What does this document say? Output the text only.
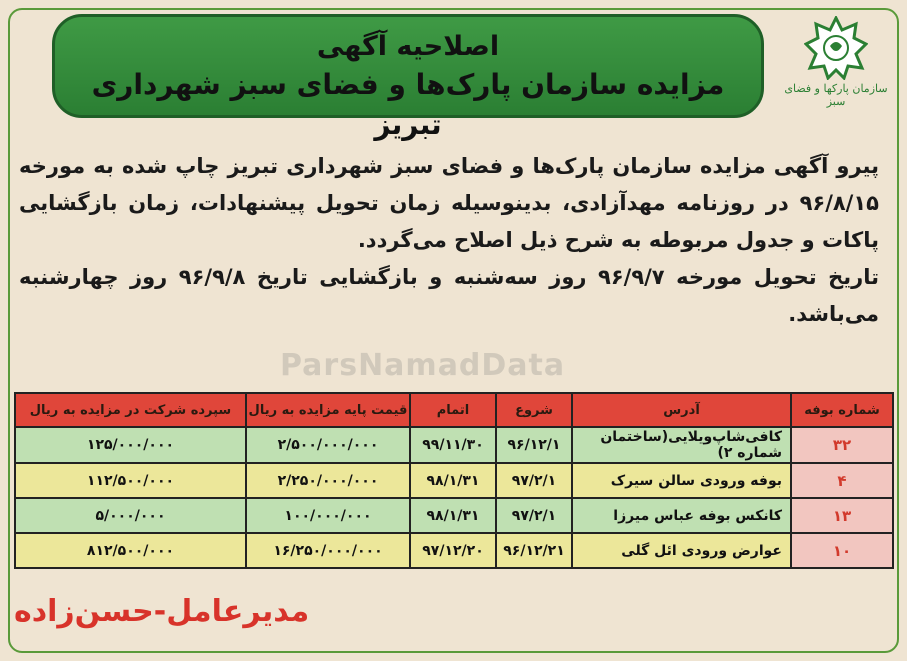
سازمان پارکها و فضای سبز
اصلاحیه آگهی
مزایده سازمان پارک‌ها و فضای سبز شهرداری تبریز

پیرو آگهی مزایده سازمان پارک‌ها و فضای سبز شهرداری تبریز چاپ شده به مورخه ۹۶/۸/۱۵ در روزنامه مهدآزادی، بدینوسیله زمان تحویل پیشنهادات، زمان بازگشایی پاکات و جدول مربوطه به شرح ذیل اصلاح می‌گردد.

تاریخ تحویل مورخه ۹۶/۹/۷ روز سه‌شنبه و بازگشایی تاریخ ۹۶/۹/۸ روز چهارشنبه می‌باشد.

ParsNamadData
شماره بوفه	آدرس	شروع	اتمام	قیمت پایه مزایده به ریال	سپرده شرکت در مزایده به ریال
۳۲	کافی‌شاپ‌ویلایی(ساختمان شماره ۲)	۹۶/۱۲/۱	۹۹/۱۱/۳۰	۲/۵۰۰/۰۰۰/۰۰۰	۱۲۵/۰۰۰/۰۰۰
۴	بوفه ورودی سالن سیرک	۹۷/۲/۱	۹۸/۱/۳۱	۲/۲۵۰/۰۰۰/۰۰۰	۱۱۲/۵۰۰/۰۰۰
۱۳	کانکس بوفه عباس میرزا	۹۷/۲/۱	۹۸/۱/۳۱	۱۰۰/۰۰۰/۰۰۰	۵/۰۰۰/۰۰۰
۱۰	عوارض ورودی ائل گلی	۹۶/۱۲/۲۱	۹۷/۱۲/۲۰	۱۶/۲۵۰/۰۰۰/۰۰۰	۸۱۲/۵۰۰/۰۰۰
مدیرعامل-حسن‌زاده
